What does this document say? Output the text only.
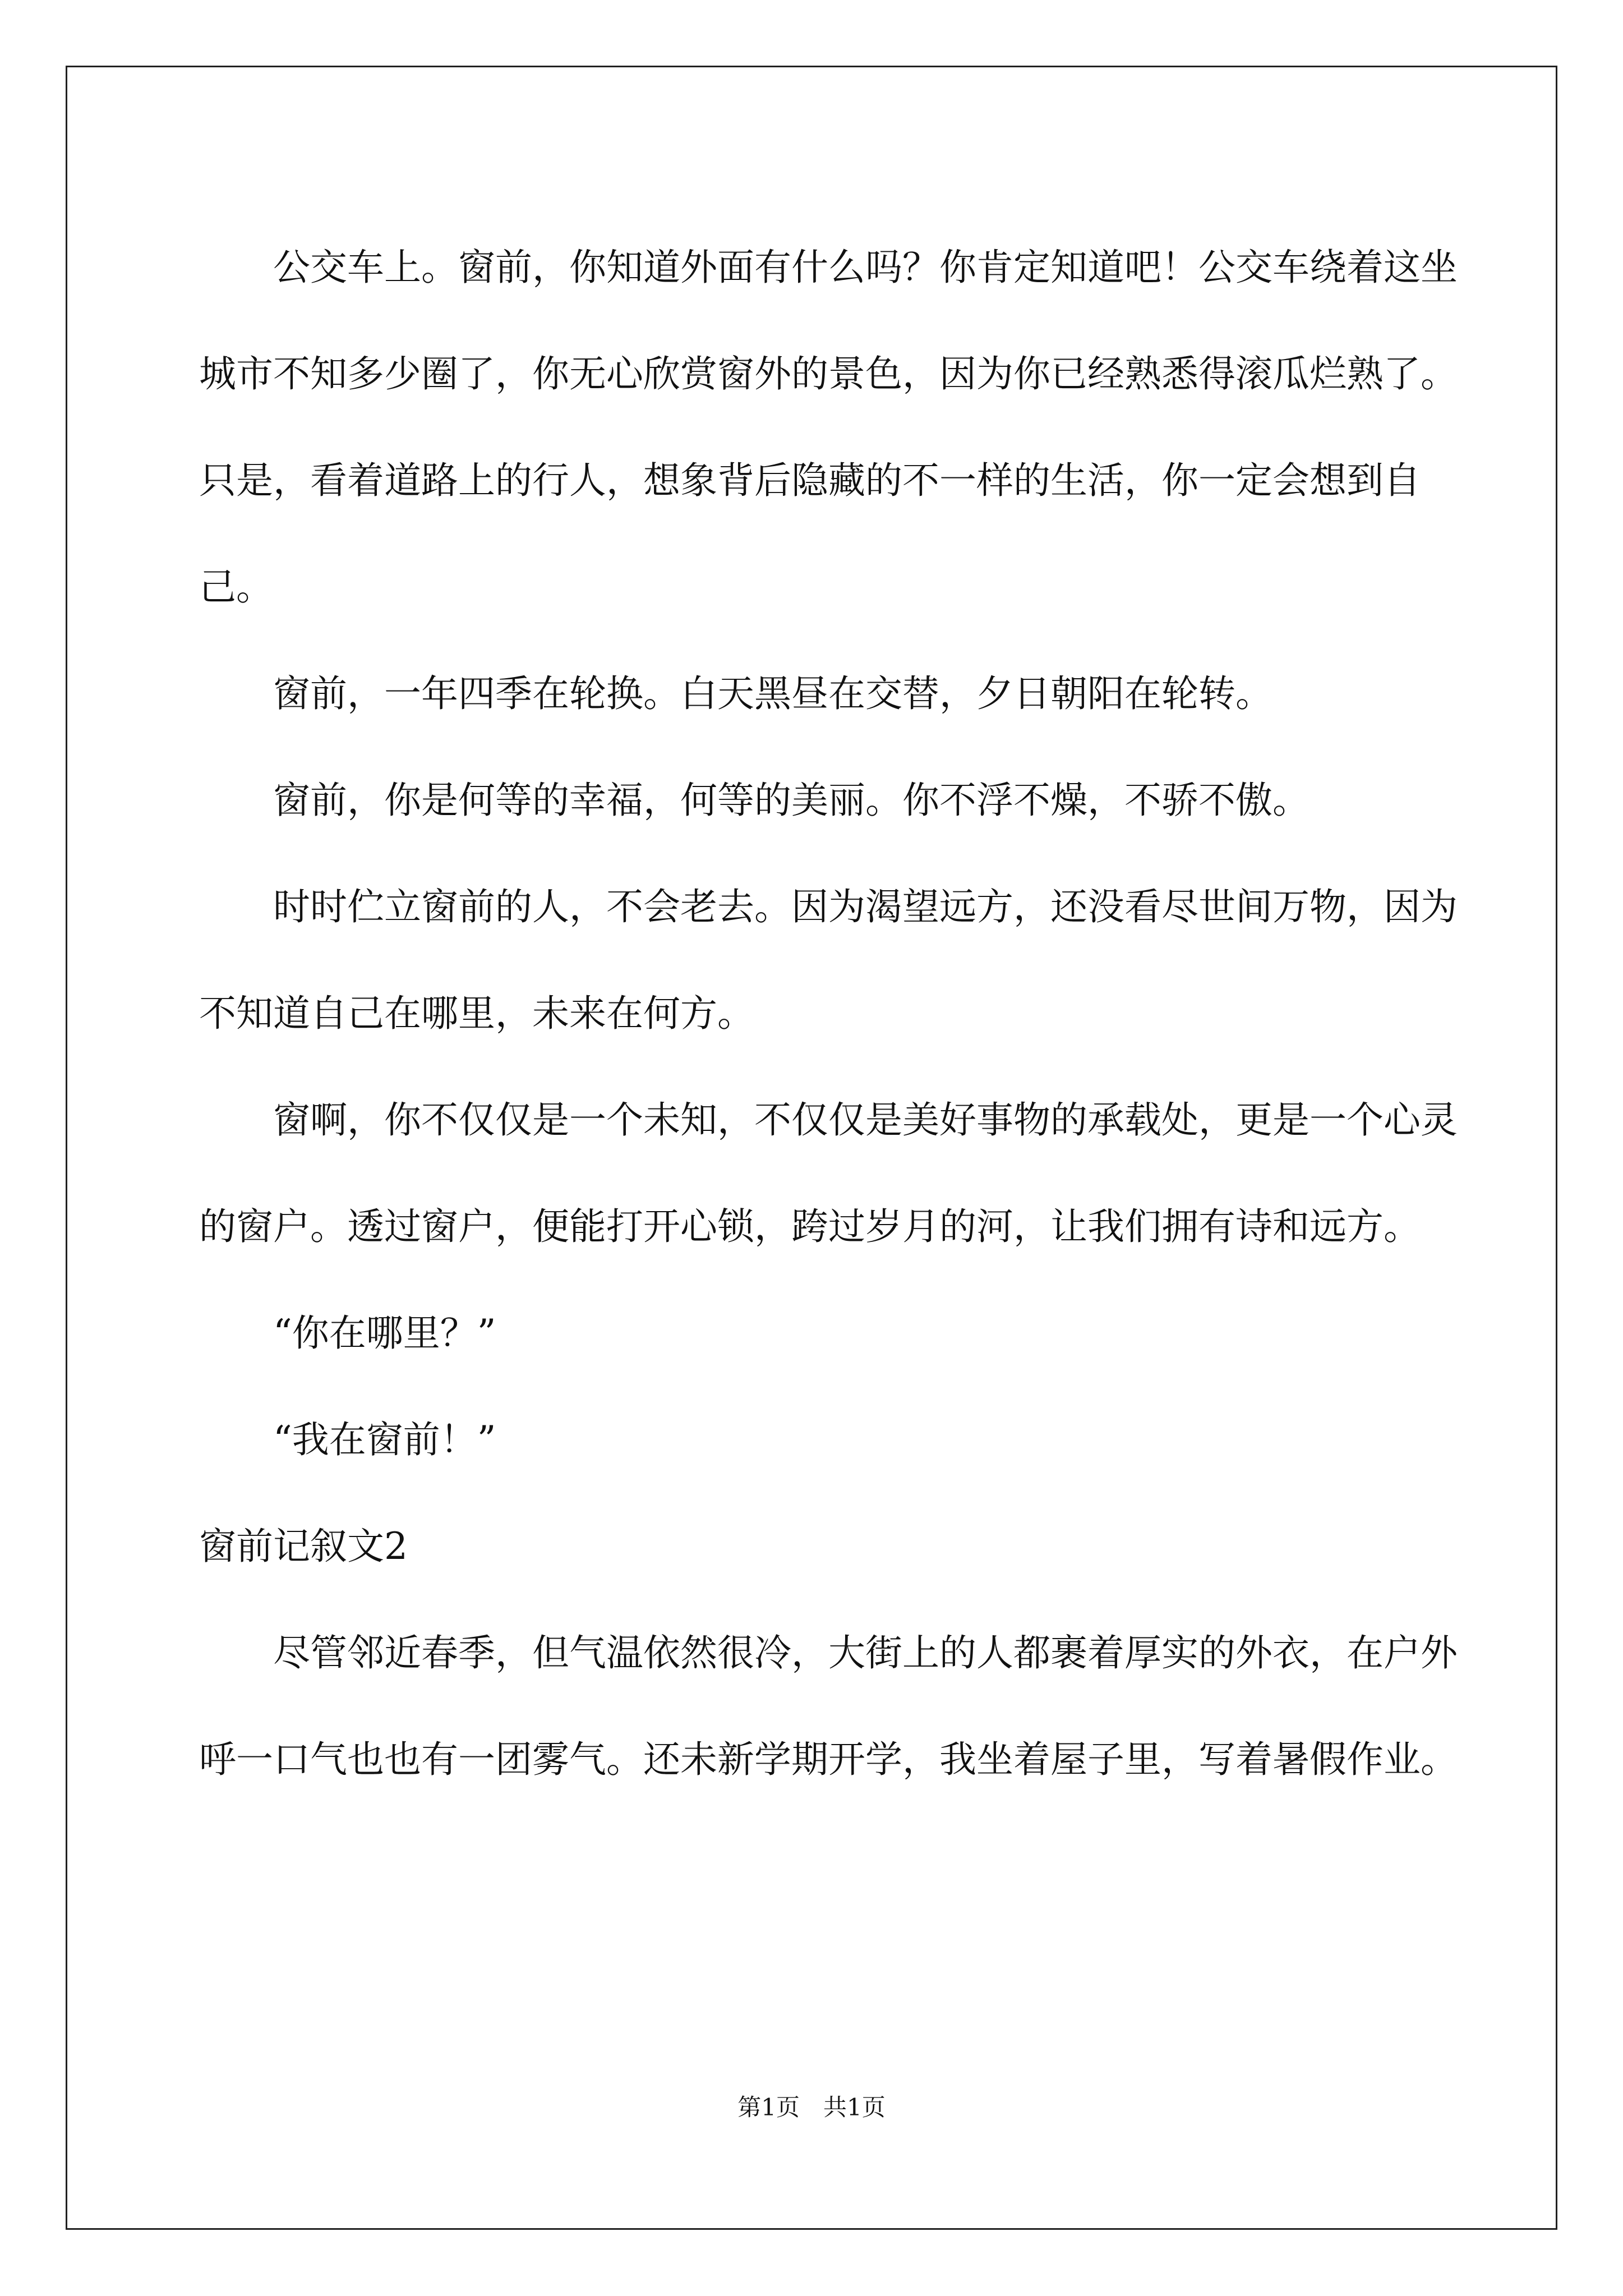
公交车上。窗前，你知道外面有什么吗？你肯定知道吧！公交车绕着这坐城市不知多少圈了，你无心欣赏窗外的景色，因为你已经熟悉得滚瓜烂熟了。只是，看着道路上的行人，想象背后隐藏的不一样的生活，你一定会想到自己。

窗前，一年四季在轮换。白天黑昼在交替，夕日朝阳在轮转。

窗前，你是何等的幸福，何等的美丽。你不浮不燥，不骄不傲。

时时伫立窗前的人，不会老去。因为渴望远方，还没看尽世间万物，因为不知道自己在哪里，未来在何方。

窗啊，你不仅仅是一个未知，不仅仅是美好事物的承载处，更是一个心灵的窗户。透过窗户，便能打开心锁，跨过岁月的河，让我们拥有诗和远方。

“你在哪里？”

“我在窗前！”

窗前记叙文2

尽管邻近春季，但气温依然很冷，大街上的人都裹着厚实的外衣，在户外呼一口气也也有一团雾气。还未新学期开学，我坐着屋子里，写着暑假作业。

第1页　共1页
